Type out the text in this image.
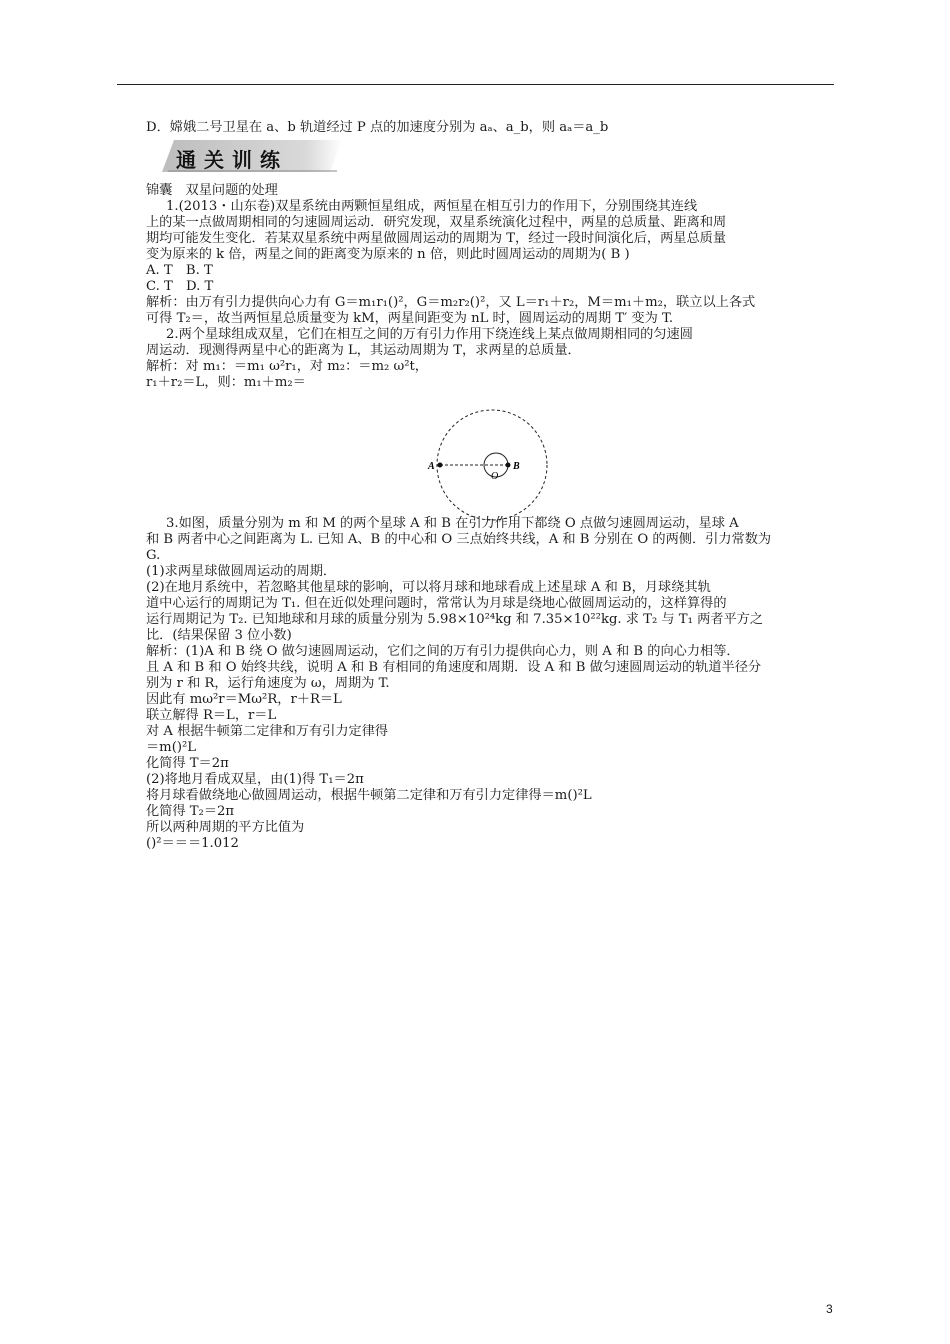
D．嫦娥二号卫星在 a、b 轨道经过 P 点的加速度分别为 aₐ、a_b，则 aₐ＝a_b
通关训练
锦囊　双星问题的处理
1.(2013・山东卷)双星系统由两颗恒星组成，两恒星在相互引力的作用下，分别围绕其连线
上的某一点做周期相同的匀速圆周运动．研究发现，双星系统演化过程中，两星的总质量、距离和周
期均可能发生变化．若某双星系统中两星做圆周运动的周期为 T，经过一段时间演化后，两星总质量
变为原来的 k 倍，两星之间的距离变为原来的 n 倍，则此时圆周运动的周期为( B )
A. T　B. T
C. T　D. T
解析：由万有引力提供向心力有 G＝m₁r₁()²，G＝m₂r₂()²，又 L＝r₁＋r₂，M＝m₁＋m₂，联立以上各式
可得 T₂＝，故当两恒星总质量变为 kM，两星间距变为 nL 时，圆周运动的周期 T′ 变为 T.
2.两个星球组成双星，它们在相互之间的万有引力作用下绕连线上某点做周期相同的匀速圆
周运动．现测得两星中心的距离为 L，其运动周期为 T，求两星的总质量．
解析：对 m₁：＝m₁ ω²r₁，对 m₂：＝m₂ ω²t，
r₁＋r₂＝L，则：m₁＋m₂＝
A
O
B
3.如图，质量分别为 m 和 M 的两个星球 A 和 B 在引力作用下都绕 O 点做匀速圆周运动，星球 A
和 B 两者中心之间距离为 L. 已知 A、B 的中心和 O 三点始终共线，A 和 B 分别在 O 的两侧．引力常数为
G.
(1)求两星球做圆周运动的周期．
(2)在地月系统中，若忽略其他星球的影响，可以将月球和地球看成上述星球 A 和 B，月球绕其轨
道中心运行的周期记为 T₁. 但在近似处理问题时，常常认为月球是绕地心做圆周运动的，这样算得的
运行周期记为 T₂. 已知地球和月球的质量分别为 5.98×10²⁴kg 和 7.35×10²²kg. 求 T₂ 与 T₁ 两者平方之
比．(结果保留 3 位小数)
解析：(1)A 和 B 绕 O 做匀速圆周运动，它们之间的万有引力提供向心力，则 A 和 B 的向心力相等．
且 A 和 B 和 O 始终共线，说明 A 和 B 有相同的角速度和周期．设 A 和 B 做匀速圆周运动的轨道半径分
别为 r 和 R，运行角速度为 ω，周期为 T.
因此有 mω²r＝Mω²R，r＋R＝L
联立解得 R＝L，r＝L
对 A 根据牛顿第二定律和万有引力定律得
＝m()²L
化简得 T＝2π
(2)将地月看成双星，由(1)得 T₁＝2π
将月球看做绕地心做圆周运动，根据牛顿第二定律和万有引力定律得＝m()²L
化简得 T₂＝2π
所以两种周期的平方比值为
()²＝＝＝1.012
3
